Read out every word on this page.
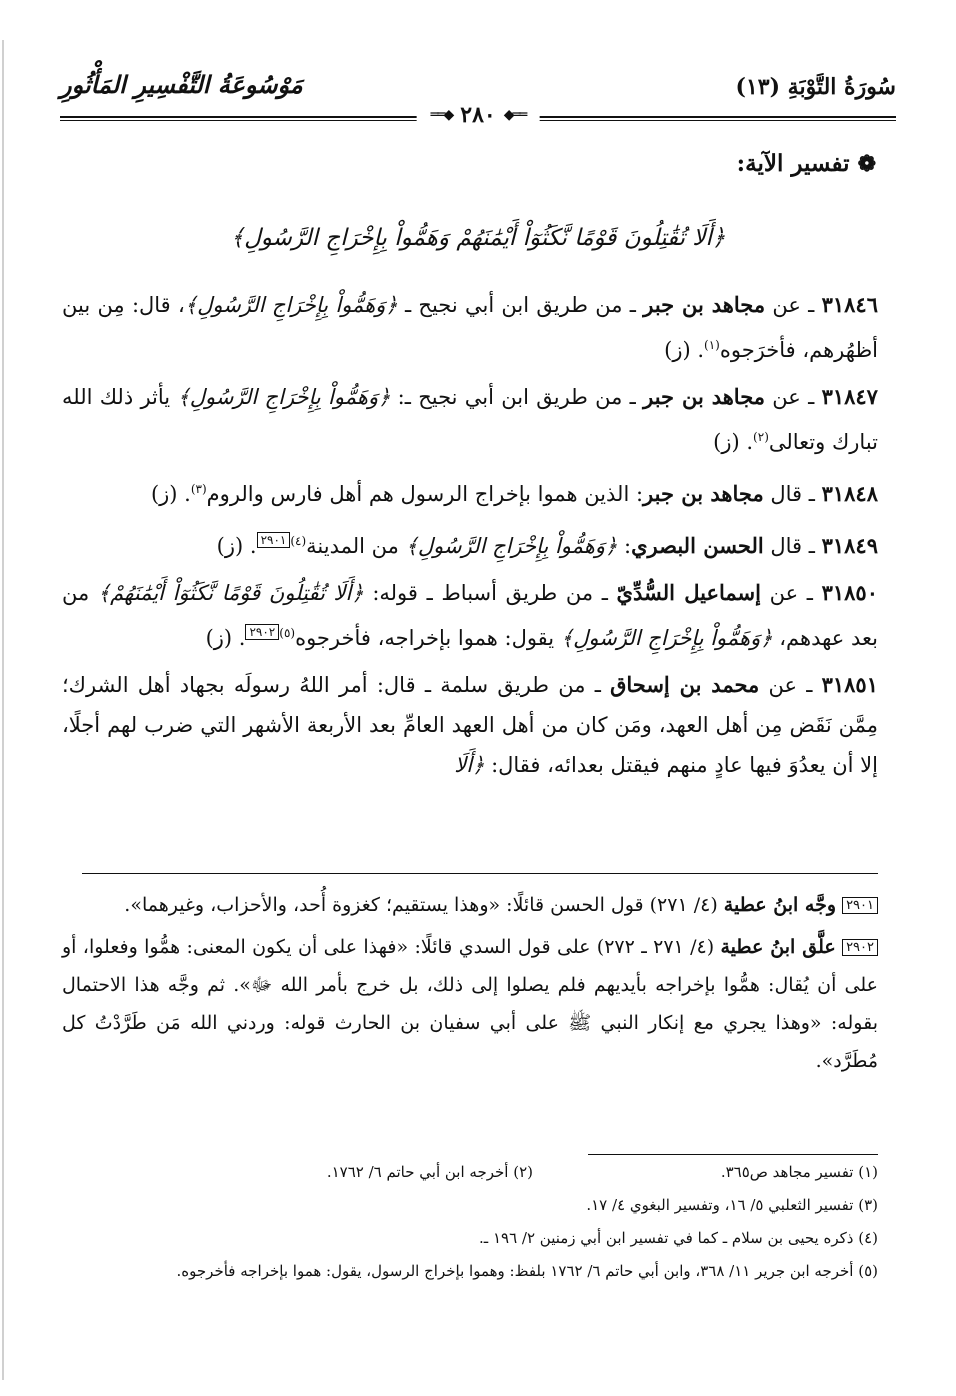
سُورَةُ التَّوْبَةِ (١٣)
مَوْسُوعَةُ التَّفْسِيرِ المَأْثُورِ
══◆ ٢٨٠ ◆══
❁
تفسير الآية:
﴿أَلَا تُقَٰتِلُونَ قَوْمًا نَّكَثُوٓاْ أَيْمَٰنَهُمْ وَهَمُّواْ بِإِخْرَاجِ الرَّسُولِ﴾

٣١٨٤٦ ـ عن مجاهد بن جبر ـ من طريق ابن أبي نجيح ـ ﴿وَهَمُّواْ بِإِخْرَاجِ الرَّسُولِ﴾، قال: مِن بين أظهُرهم، فأخرَجوه$^{(١)}$. (ز)

٣١٨٤٧ ـ عن مجاهد بن جبر ـ من طريق ابن أبي نجيح ـ: ﴿وَهَمُّواْ بِإِخْرَاجِ الرَّسُولِ﴾ يأثر ذلك الله تبارك وتعالى$^{(٢)}$. (ز)

٣١٨٤٨ ـ قال مجاهد بن جبر: الذين هموا بإخراج الرسول هم أهل فارس والروم$^{(٣)}$. (ز)

٣١٨٤٩ ـ قال الحسن البصري: ﴿وَهَمُّواْ بِإِخْرَاجِ الرَّسُولِ﴾ من المدينة$^{(٤)}$٢٩٠١. (ز)

٣١٨٥٠ ـ عن إسماعيل السُّدِّيّ ـ من طريق أسباط ـ قوله: ﴿أَلَا تُقَٰتِلُونَ قَوْمًا نَّكَثُوٓاْ أَيْمَٰنَهُمْ﴾ من بعد عهدهم، ﴿وَهَمُّواْ بِإِخْرَاجِ الرَّسُولِ﴾ يقول: هموا بإخراجه، فأخرجوه$^{(٥)}$٢٩٠٢. (ز)

٣١٨٥١ ـ عن محمد بن إسحاق ـ من طريق سلمة ـ قال: أمر اللهُ رسولَه بجهاد أهل الشرك؛ مِمَّن نَقَض مِن أهل العهد، ومَن كان من أهل العهد العامِّ بعد الأربعة الأشهر التي ضرب لهم أجلًا، إلا أن يعدُوَ فيها عادٍ منهم فيقتل بعدائه، فقال: ﴿أَلَا

٢٩٠١ وجَّه ابنُ عطية (٤/ ٢٧١) قول الحسن قائلًا: «وهذا يستقيم؛ كغزوة أُحد، والأحزاب، وغيرهما».

٢٩٠٢ علَّق ابنُ عطية (٤/ ٢٧١ ـ ٢٧٢) على قول السدي قائلًا: «فهذا على أن يكون المعنى: همُّوا وفعلوا، أو على أن يُقال: همُّوا بإخراجه بأيديهم فلم يصلوا إلى ذلك، بل خرج بأمر الله ﷻ». ثم وجَّه هذا الاحتمال بقوله: «وهذا يجري مع إنكار النبي ﷺ على أبي سفيان بن الحارث قوله: وردني الله مَن طَرَّدْتُ كل مُطَرَّد».

(١) تفسير مجاهد ص٣٦٥.
(٢) أخرجه ابن أبي حاتم ٦/ ١٧٦٢.

(٣) تفسير الثعلبي ٥/ ١٦، وتفسير البغوي ٤/ ١٧.

(٤) ذكره يحيى بن سلام ـ كما في تفسير ابن أبي زمنين ٢/ ١٩٦ ـ.

(٥) أخرجه ابن جرير ١١/ ٣٦٨، وابن أبي حاتم ٦/ ١٧٦٢ بلفظ: وهموا بإخراج الرسول، يقول: هموا بإخراجه فأخرجوه.
